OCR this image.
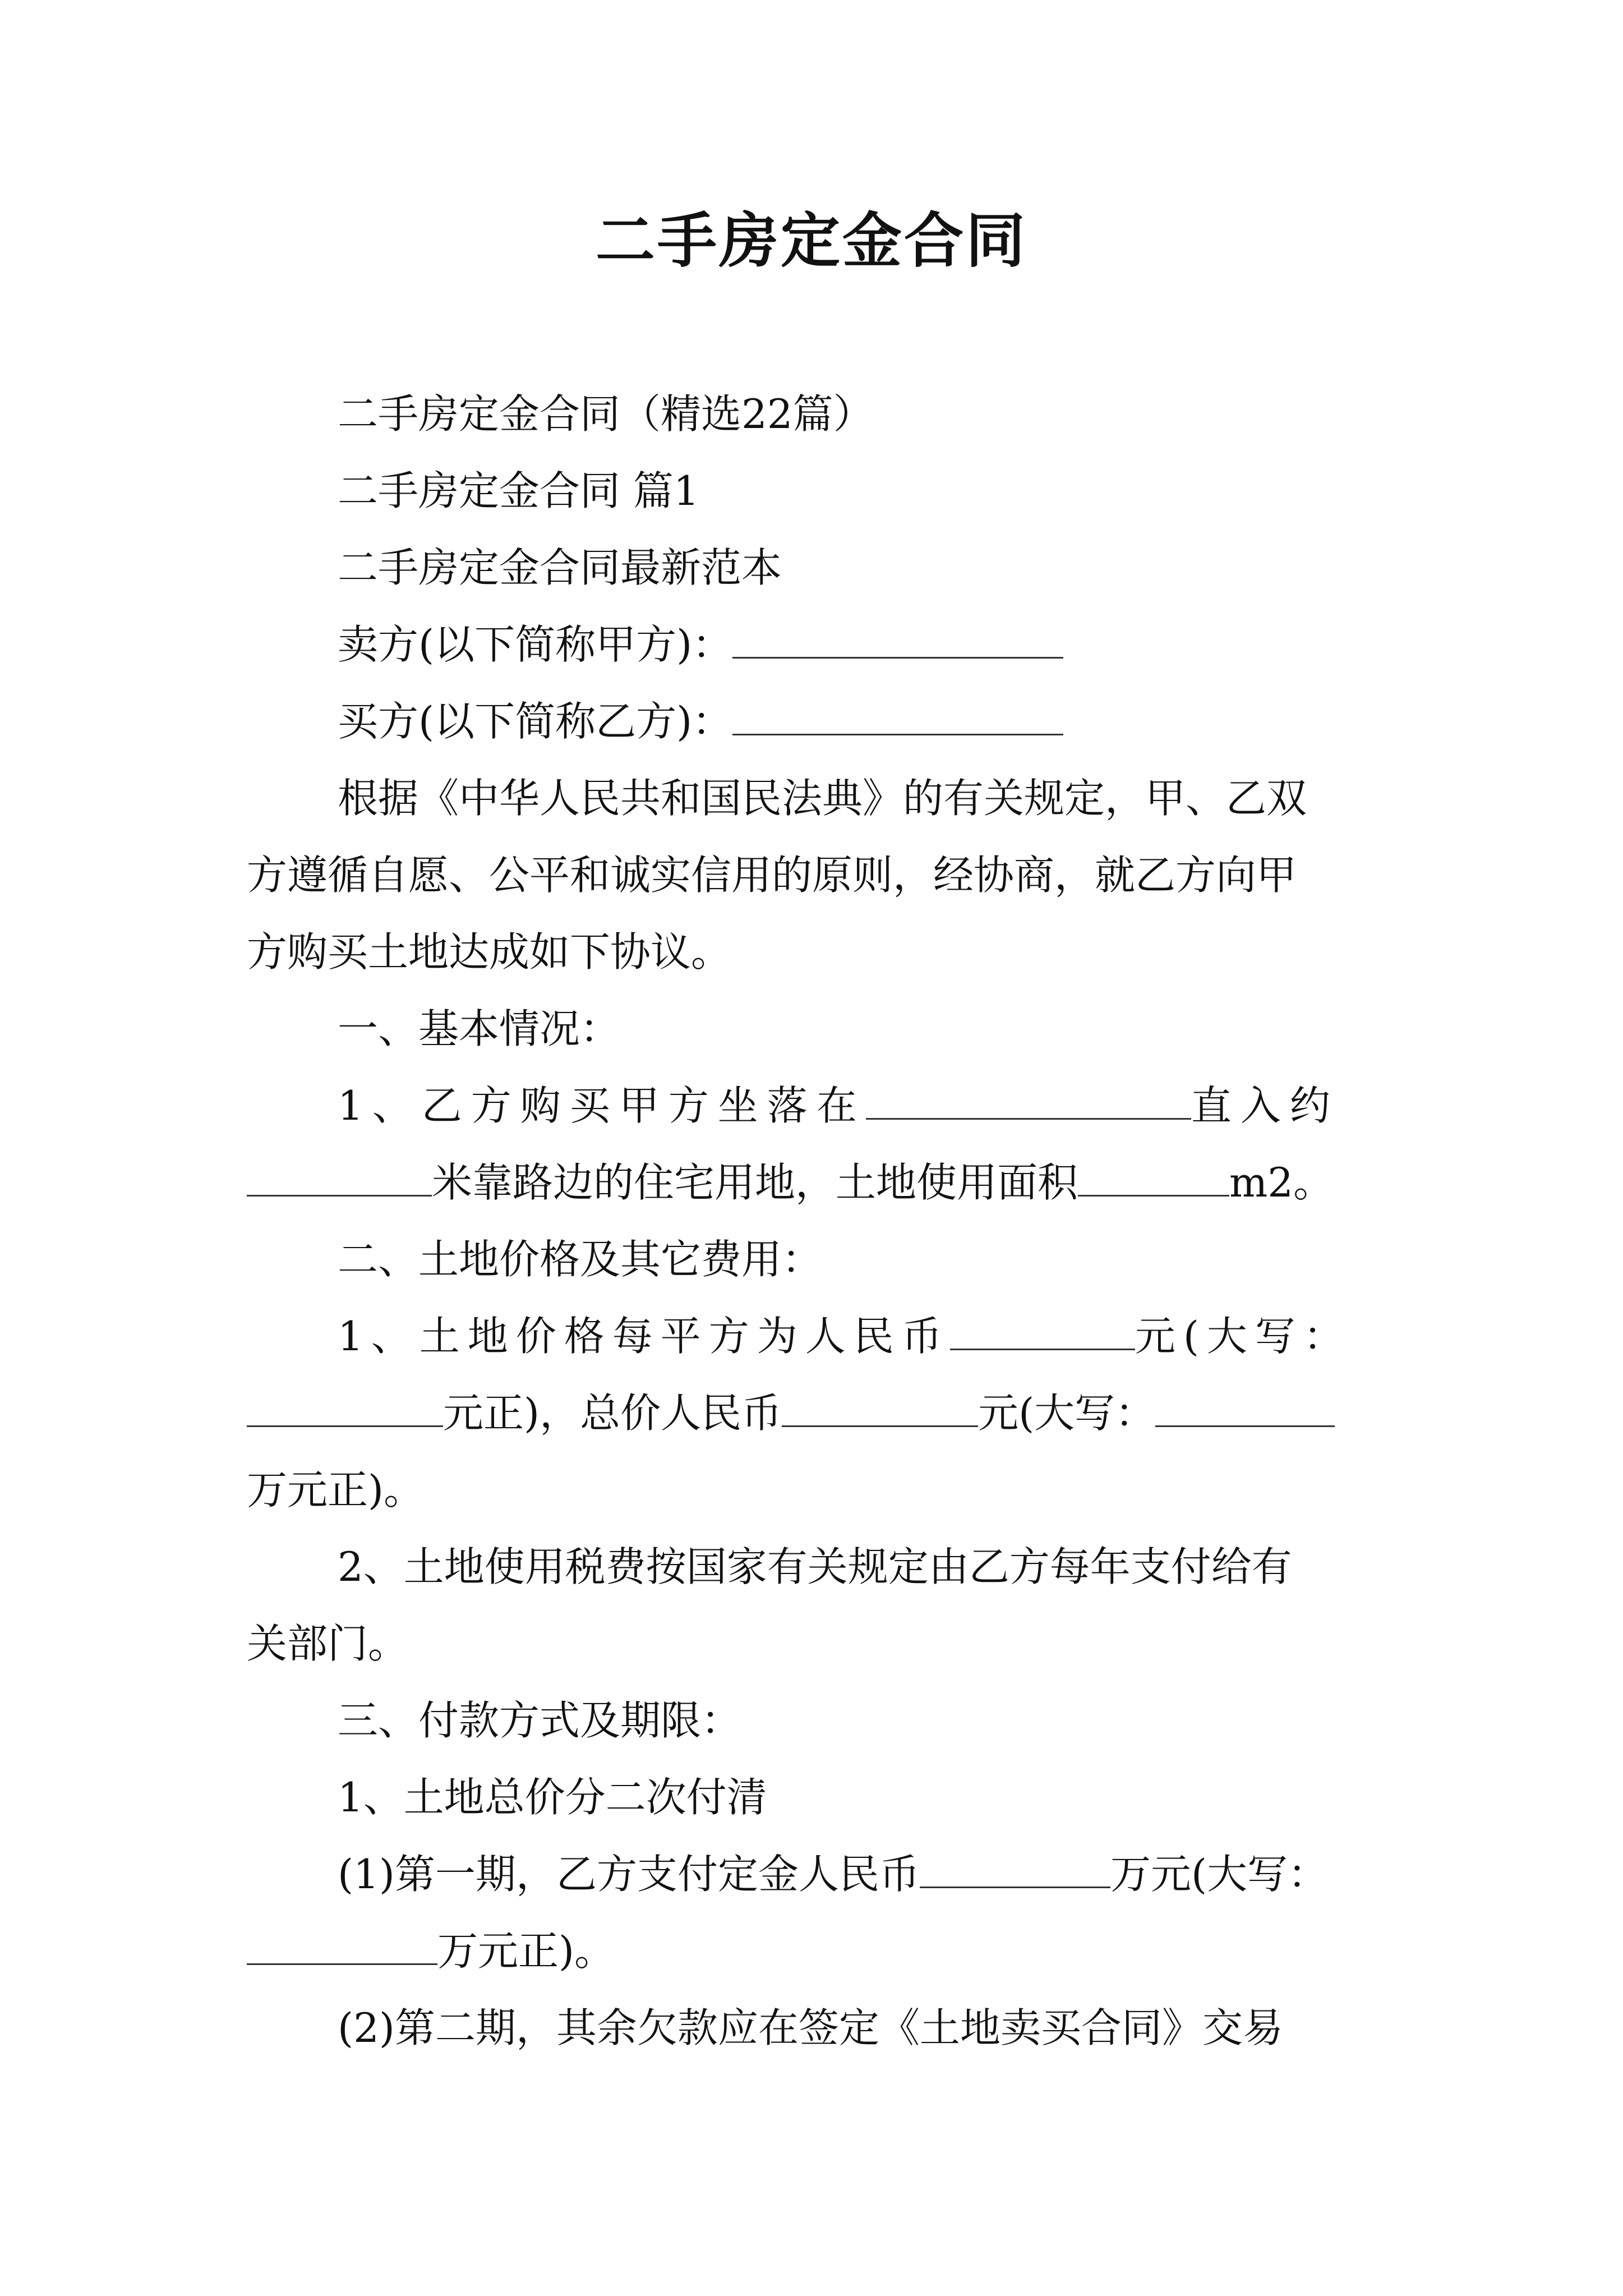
二手房定金合同

二手房定金合同（精选22篇）

二手房定金合同 篇1

二手房定金合同最新范本

卖方(以下简称甲方)：

买方(以下简称乙方)：

根据《中华人民共和国民法典》的有关规定，甲、乙双

方遵循自愿、公平和诚实信用的原则，经协商，就乙方向甲

方购买土地达成如下协议。

一、基本情况：

1、乙方购买甲方坐落在	直入约

米靠路边的住宅用地，土地使用面积	m2。

二、土地价格及其它费用：

1、土地价格每平方为人民币	元(大写：

元正)，总价人民币	元(大写：

万元正)。

2、土地使用税费按国家有关规定由乙方每年支付给有

关部门。

三、付款方式及期限：

1、土地总价分二次付清

(1)第一期，乙方支付定金人民币	万元(大写：

万元正)。

(2)第二期，其余欠款应在签定《土地卖买合同》交易
